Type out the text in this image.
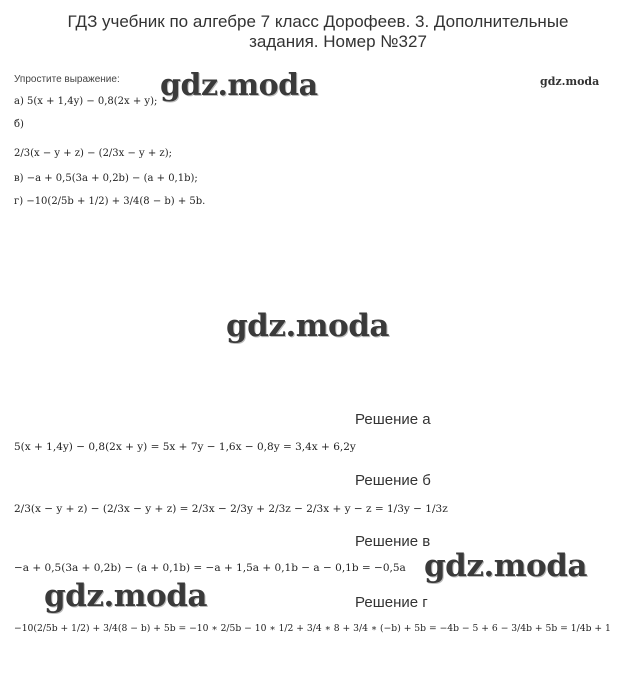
ГДЗ учебник по алгебре 7 класс Дорофеев. 3. Дополнительные
задания. Номер №327
Упростите выражение:
а) 5(x + 1,4y) − 0,8(2x + y);
б)
2/3(x − y + z) − (2/3x − y + z);
в) −a + 0,5(3a + 0,2b) − (a + 0,1b);
г) −10(2/5b + 1/2) + 3/4(8 − b) + 5b.
gdz.moda	gdz.moda
gdz.moda
gdz.moda
gdz.moda
Решение а
5(x + 1,4y) − 0,8(2x + y) = 5x + 7y − 1,6x − 0,8y = 3,4x + 6,2y
Решение б
2/3(x − y + z) − (2/3x − y + z) = 2/3x − 2/3y + 2/3z − 2/3x + y − z = 1/3y − 1/3z
Решение в
−a + 0,5(3a + 0,2b) − (a + 0,1b) = −a + 1,5a + 0,1b − a − 0,1b = −0,5a
Решение г
−10(2/5b + 1/2) + 3/4(8 − b) + 5b = −10 ∗ 2/5b − 10 ∗ 1/2 + 3/4 ∗ 8 + 3/4 ∗ (−b) + 5b = −4b − 5 + 6 − 3/4b + 5b = 1/4b + 1
